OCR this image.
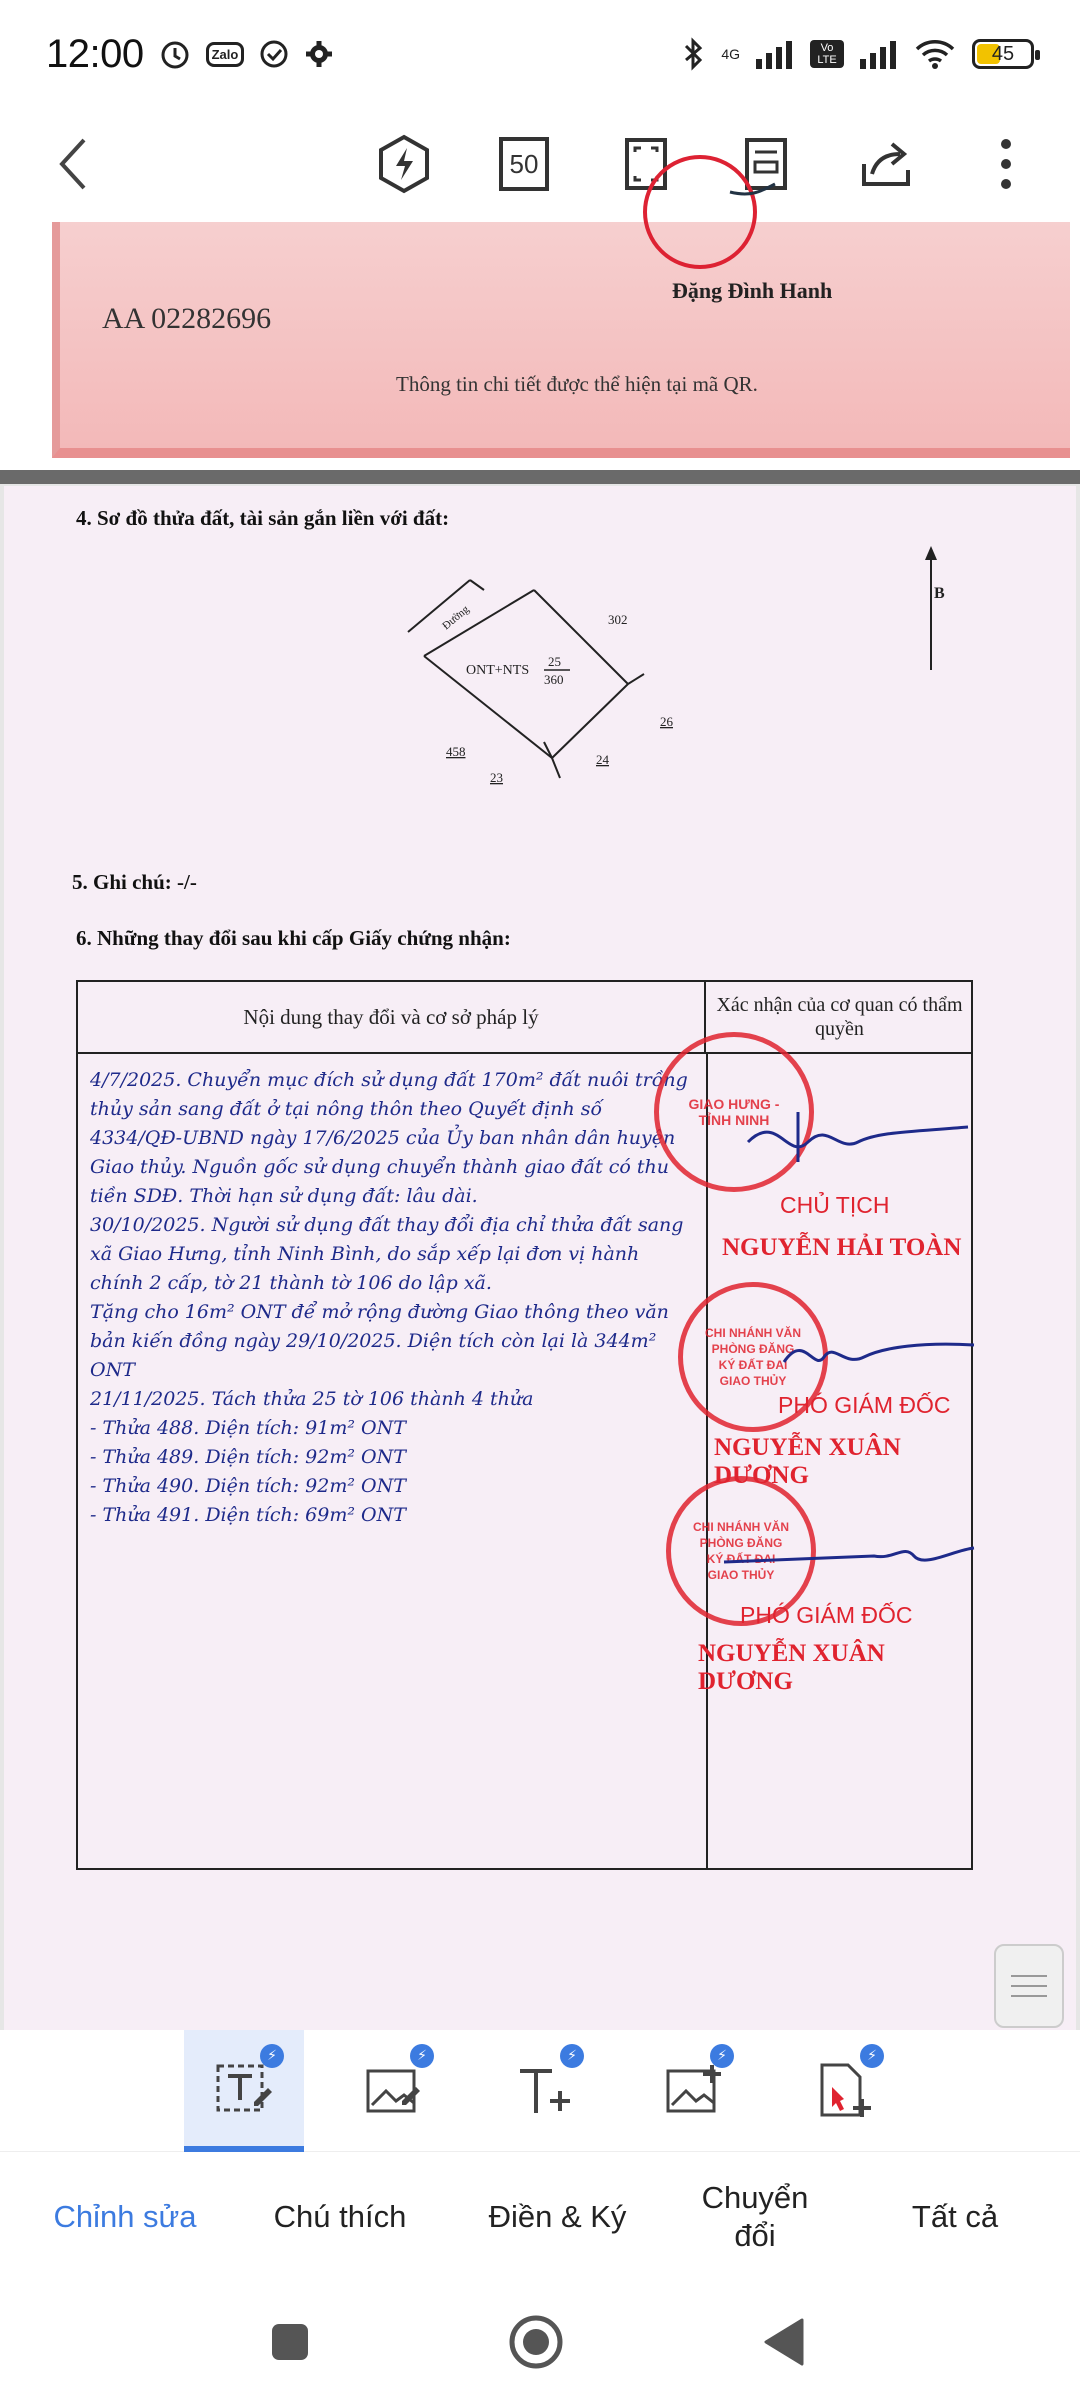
12:00	Zalo	4G	Vo LTE	45
50
AA 02282696
Đặng Đình Hanh
Thông tin chi tiết được thể hiện tại mã QR.
4. Sơ đồ thửa đất, tài sản gắn liền với đất:
Đường
ONT+NTS
25
360
302
26
24
458
23
B
5. Ghi chú: -/-
6. Những thay đổi sau khi cấp Giấy chứng nhận:
Nội dung thay đổi và cơ sở pháp lý	Xác nhận của cơ quan có thẩm quyền
4/7/2025. Chuyển mục đích sử dụng đất 170m² đất nuôi trồng thủy sản sang đất ở tại nông thôn theo Quyết định số 4334/QĐ-UBND ngày 17/6/2025 của Ủy ban nhân dân huyện Giao thủy. Nguồn gốc sử dụng chuyển thành giao đất có thu tiền SDĐ. Thời hạn sử dụng đất: lâu dài.
30/10/2025. Người sử dụng đất thay đổi địa chỉ thửa đất sang xã Giao Hưng, tỉnh Ninh Bình, do sắp xếp lại đơn vị hành chính 2 cấp, tờ 21 thành tờ 106 do lập xã.
Tặng cho 16m² ONT để mở rộng đường Giao thông theo văn bản kiến đồng ngày 29/10/2025. Diện tích còn lại là 344m² ONT
21/11/2025. Tách thửa 25 tờ 106 thành 4 thửa
- Thửa 488. Diện tích: 91m² ONT
- Thửa 489. Diện tích: 92m² ONT
- Thửa 490. Diện tích: 92m² ONT
- Thửa 491. Diện tích: 69m² ONT
GIAO HƯNG - TỈNH NINH
CHỦ TỊCH
NGUYỄN HẢI TOÀN
CHI NHÁNH VĂN PHÒNG ĐĂNG KÝ ĐẤT ĐAI GIAO THỦY
PHÓ GIÁM ĐỐC
NGUYỄN XUÂN DƯƠNG
CHI NHÁNH VĂN PHÒNG ĐĂNG KÝ ĐẤT ĐAI GIAO THỦY
PHÓ GIÁM ĐỐC
NGUYỄN XUÂN DƯƠNG
⚡	⚡	⚡	⚡	⚡
Chỉnh sửa	Chú thích	Điền & Ký
Chuyển đổi
Tất cả
